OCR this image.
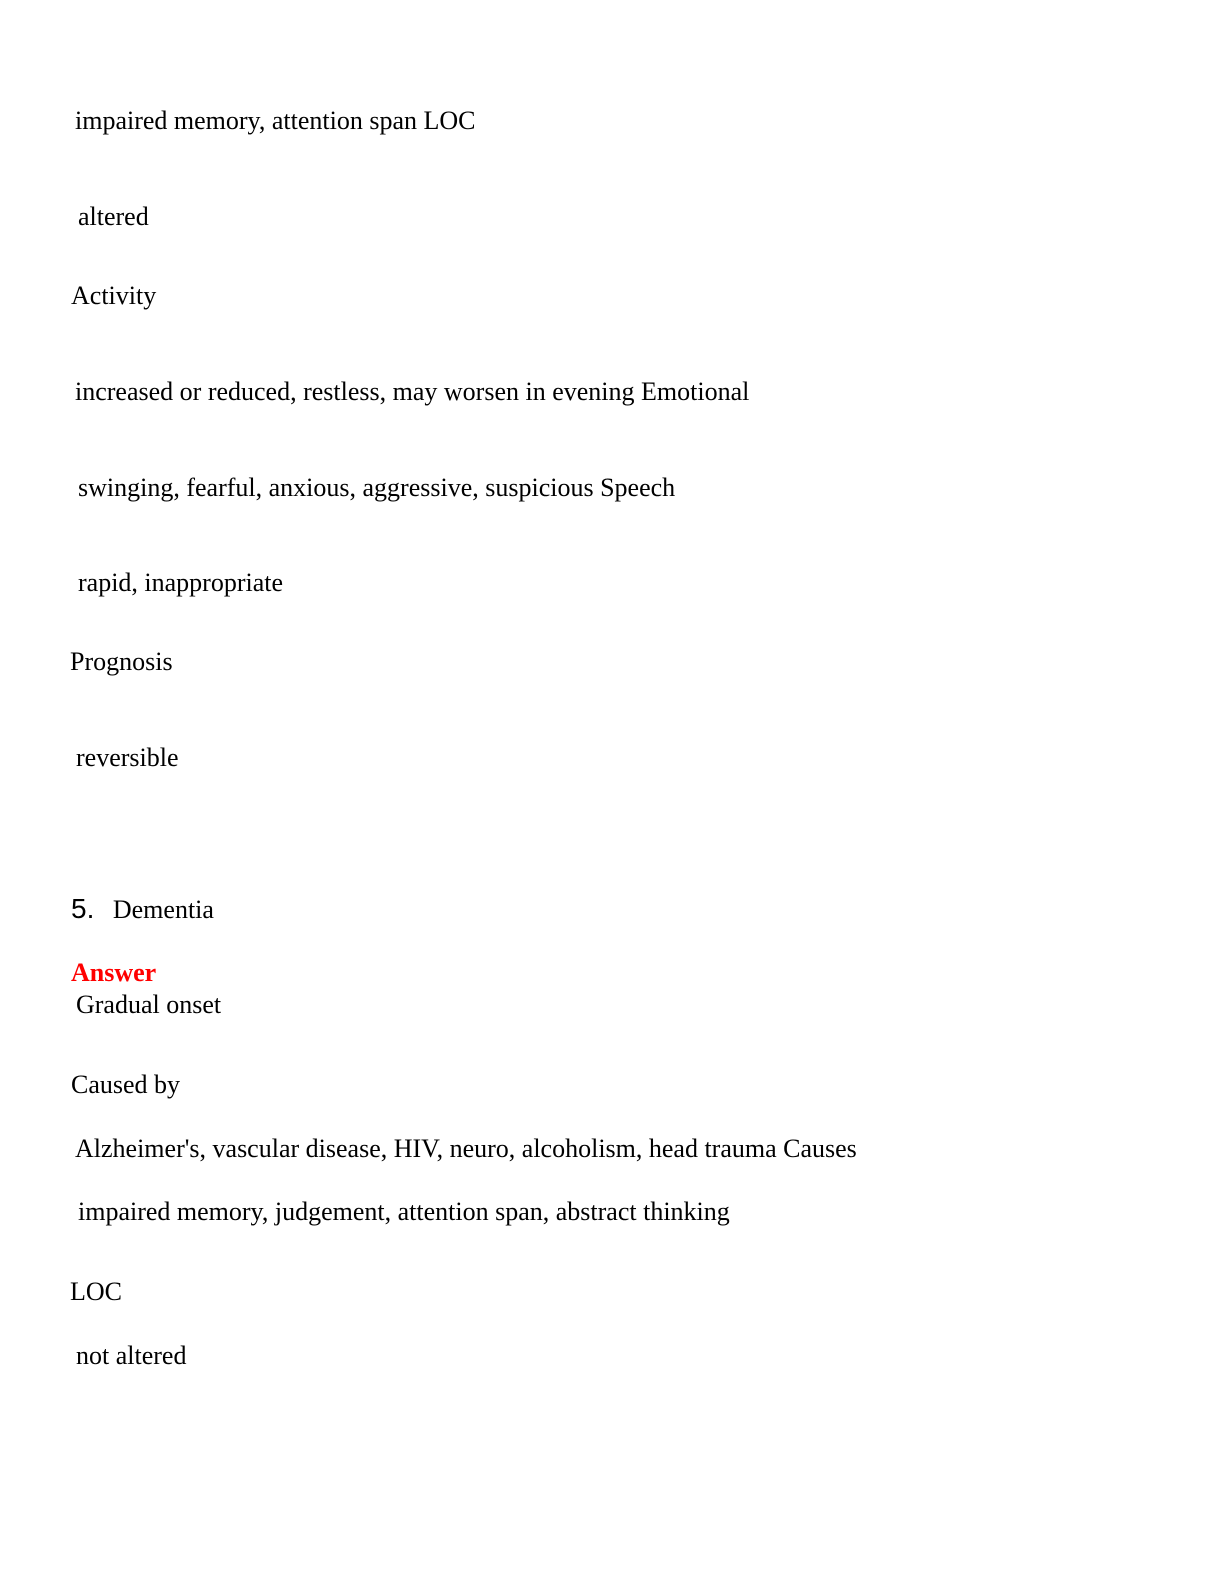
impaired memory, attention span LOC
altered
Activity
increased or reduced, restless, may worsen in evening Emotional
swinging, fearful, anxious, aggressive, suspicious Speech
rapid, inappropriate
Prognosis
reversible
5. Dementia
Answer
Gradual onset
Caused by
Alzheimer's, vascular disease, HIV, neuro, alcoholism, head trauma Causes
impaired memory, judgement, attention span, abstract thinking
LOC
not altered
